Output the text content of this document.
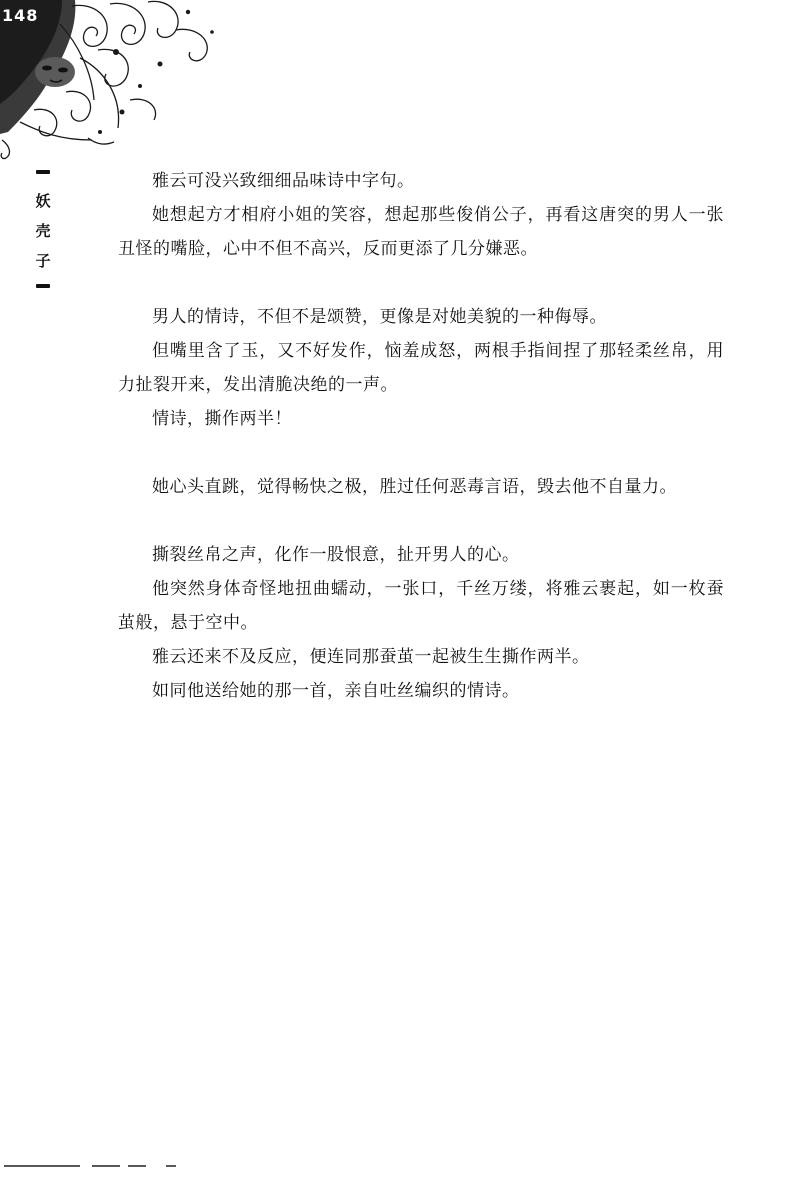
148
妖
壳
子

雅云可没兴致细细品味诗中字句。

她想起方才相府小姐的笑容，想起那些俊俏公子，再看这唐突的男人一张丑怪的嘴脸，心中不但不高兴，反而更添了几分嫌恶。

男人的情诗，不但不是颂赞，更像是对她美貌的一种侮辱。

但嘴里含了玉，又不好发作，恼羞成怒，两根手指间捏了那轻柔丝帛，用力扯裂开来，发出清脆决绝的一声。

情诗，撕作两半！

她心头直跳，觉得畅快之极，胜过任何恶毒言语，毁去他不自量力。

撕裂丝帛之声，化作一股恨意，扯开男人的心。

他突然身体奇怪地扭曲蠕动，一张口，千丝万缕，将雅云裹起，如一枚蚕茧般，悬于空中。

雅云还来不及反应，便连同那蚕茧一起被生生撕作两半。

如同他送给她的那一首，亲自吐丝编织的情诗。
